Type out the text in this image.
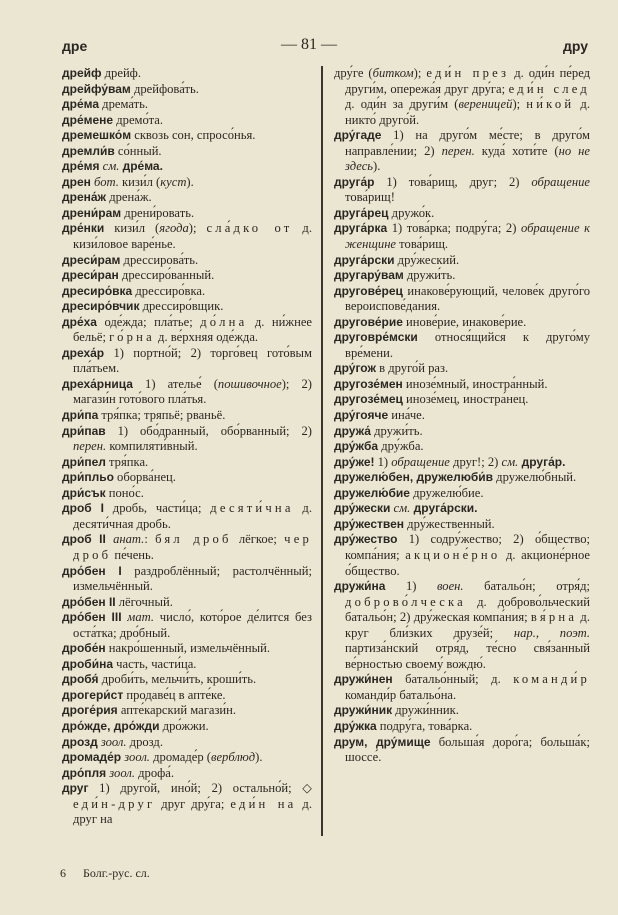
дре	— 81 —	дру
дрейф дрейф.
дрейфу́вам дрейфова́ть.
дре́ма дрема́ть.
дре́мене дремо́та.
дремешко́м сквозь сон, спросо́нья.
дремли́в со́нный.
дре́мя см. дре́ма.
дрен бот. кизи́л (куст).
дрена́ж дрена́ж.
дрени́рам дрени́ровать.
дре́нки кизи́л (ягода); сла́дко от д. кизи́ловое варе́нье.
дреси́рам дрессирова́ть.
дреси́ран дрессиро́ванный.
дресиро́вка дрессиро́вка.
дресиро́вчик дрессиро́вщик.
дре́ха оде́жда; пла́тье; до́лна д. ни́жнее бельё; го́рна д. ве́рхняя оде́жда.
дреха́р 1) портно́й; 2) торго́вец гото́вым пла́тьем.
дреха́рница 1) ателье́ (пошивочное); 2) магази́н гото́вого пла́тья.
дри́па тря́пка; тряпьё; рваньё.
дри́пав 1) обо́дранный, обо́рванный; 2) перен. компиляти́вный.
дри́пел тря́пка.
дри́пльо оборва́нец.
дри́сък поно́с.
дроб I дробь, части́ца; десяти́чна д. десяти́чная дробь.
дроб II анат.: бял дроб лёгкое; чер дроб пе́чень.
дро́бен I раздроблённый; растолчённый; измельчённый.
дро́бен II лёгочный.
дро́бен III мат. число́, кото́рое де́лится без оста́тка; дро́бный.
дробе́н накро́шенный, измельчённый.
дроби́на часть, части́ца.
дробя́ дроби́ть, мельчи́ть, кроши́ть.
дрогери́ст продаве́ц в апте́ке.
дроге́рия апте́карский магази́н.
дро́жде, дро́жди дро́жжи.
дрозд зоол. дрозд.
дромаде́р зоол. дромаде́р (верблюд).
дро́пля зоол. дрофа́.
друг 1) друго́й, ино́й; 2) остально́й; ◇ еди́н-друг друг дру́га; еди́н на д. друг на
дру́ге (битком); еди́н през д. оди́н пе́ред други́м, опережа́я друг дру́га; еди́н след д. оди́н за други́м (вереницей); ни́кой д. никто́ друго́й.
дру́гаде 1) на друго́м ме́сте; в друго́м направле́нии; 2) перен. куда́ хоти́те (но не здесь).
друга́р 1) това́рищ, друг; 2) обращение това́рищ!
друга́рец дружо́к.
друга́рка 1) това́рка; подру́га; 2) обращение к женщине това́рищ.
друга́рски дру́жеский.
другару́вам дружи́ть.
другове́рец инакове́рующий, челове́к друго́го вероиспове́дания.
другове́рие инове́рие, инакове́рие.
друговре́мски относя́щийся к друго́му вре́мени.
дру́гож в друго́й раз.
другозе́мен инозе́мный, иностра́нный.
другозе́мец инозе́мец, иностра́нец.
дру́гояче ина́че.
дружа́ дружи́ть.
дру́жба дру́жба.
дру́же! 1) обращение друг!; 2) см. друга́р.
дружелю́бен, дружелюби́в дружелю́бный.
дружелю́бие дружелю́бие.
дру́жески см. друга́рски.
дру́жествен дру́жественный.
дру́жество 1) содру́жество; 2) о́бщество; компа́ния; акционе́рно д. акционе́рное о́бщество.
дружи́на 1) воен. батальо́н; отря́д; доброво́лческа д. доброво́льческий батальо́н; 2) дру́жеская компа́ния; вя́рна д. круг бли́зких друзе́й; нар., поэт. партиза́нский отря́д, те́сно свя́занный ве́рностью своему́ вождю́.
дружи́нен батальо́нный; д. команди́р команди́р батальо́на.
дружи́ник дружи́нник.
дру́жка подру́га, това́рка.
друм, дру́мище больша́я доро́га; больша́к; шоссе́.
6 Болг.-рус. сл.
